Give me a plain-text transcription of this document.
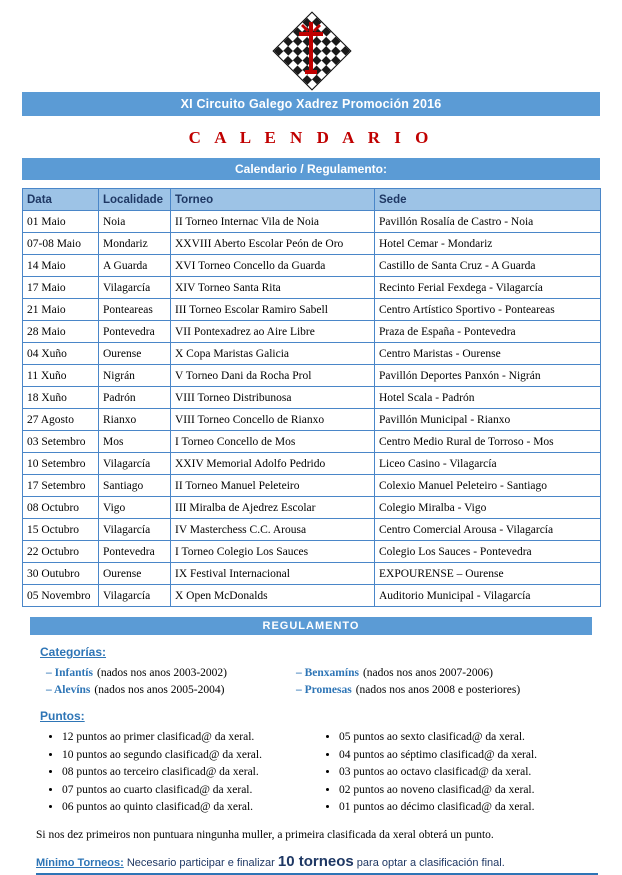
XI Circuito Galego Xadrez Promoción 2016
C A L E N D A R I O
Calendario / Regulamento:
Data	Localidade	Torneo	Sede
01 Maio	Noia	II Torneo Internac Vila de Noia	Pavillón Rosalía de Castro - Noia
07-08 Maio	Mondariz	XXVIII Aberto Escolar Peón de Oro	Hotel Cemar - Mondariz
14 Maio	A Guarda	XVI Torneo Concello da Guarda	Castillo de Santa Cruz - A Guarda
17 Maio	Vilagarcía	XIV Torneo Santa Rita	Recinto Ferial Fexdega - Vilagarcía
21 Maio	Ponteareas	III Torneo Escolar Ramiro Sabell	Centro Artístico Sportivo - Ponteareas
28 Maio	Pontevedra	VII Pontexadrez ao Aire Libre	Praza de España - Pontevedra
04 Xuño	Ourense	X Copa Maristas Galicia	Centro Maristas - Ourense
11 Xuño	Nigrán	V Torneo Dani da Rocha Prol	Pavillón Deportes Panxón - Nigrán
18 Xuño	Padrón	VIII Torneo Distribunosa	Hotel Scala - Padrón
27 Agosto	Rianxo	VIII Torneo Concello de Rianxo	Pavillón Municipal - Rianxo
03 Setembro	Mos	I Torneo Concello de Mos	Centro Medio Rural de Torroso - Mos
10 Setembro	Vilagarcía	XXIV Memorial Adolfo Pedrido	Liceo Casino - Vilagarcía
17 Setembro	Santiago	II Torneo Manuel Peleteiro	Colexio Manuel Peleteiro - Santiago
08 Octubro	Vigo	III Miralba de Ajedrez Escolar	Colegio Miralba - Vigo
15 Octubro	Vilagarcía	IV Masterchess C.C. Arousa	Centro Comercial Arousa - Vilagarcía
22 Octubro	Pontevedra	I Torneo Colegio Los Sauces	Colegio Los Sauces - Pontevedra
30 Outubro	Ourense	IX Festival Internacional	EXPOURENSE – Ourense
05 Novembro	Vilagarcía	X Open McDonalds	Auditorio Municipal - Vilagarcía
REGULAMENTO
Categorías:
– Infantís (nados nos anos 2003-2002)	– Benxamíns (nados nos anos 2007-2006)
– Alevíns (nados nos anos 2005-2004)	– Promesas (nados nos anos 2008 e posteriores)
Puntos:
• 12 puntos ao primer clasificad@ da xeral.
• 10 puntos ao segundo clasificad@ da xeral.
• 08 puntos ao terceiro clasificad@ da xeral.
• 07 puntos ao cuarto clasificad@ da xeral.
• 06 puntos ao quinto clasificad@ da xeral.
• 05 puntos ao sexto clasificad@ da xeral.
• 04 puntos ao séptimo clasificad@ da xeral.
• 03 puntos ao octavo clasificad@ da xeral.
• 02 puntos ao noveno clasificad@ da xeral.
• 01 puntos ao décimo clasificad@ da xeral.
Si nos dez primeiros non puntuara ningunha muller, a primeira clasificada da xeral obterá un punto.
Mínimo Torneos: Necesario participar e finalizar 10 torneos para optar a clasificación final.
